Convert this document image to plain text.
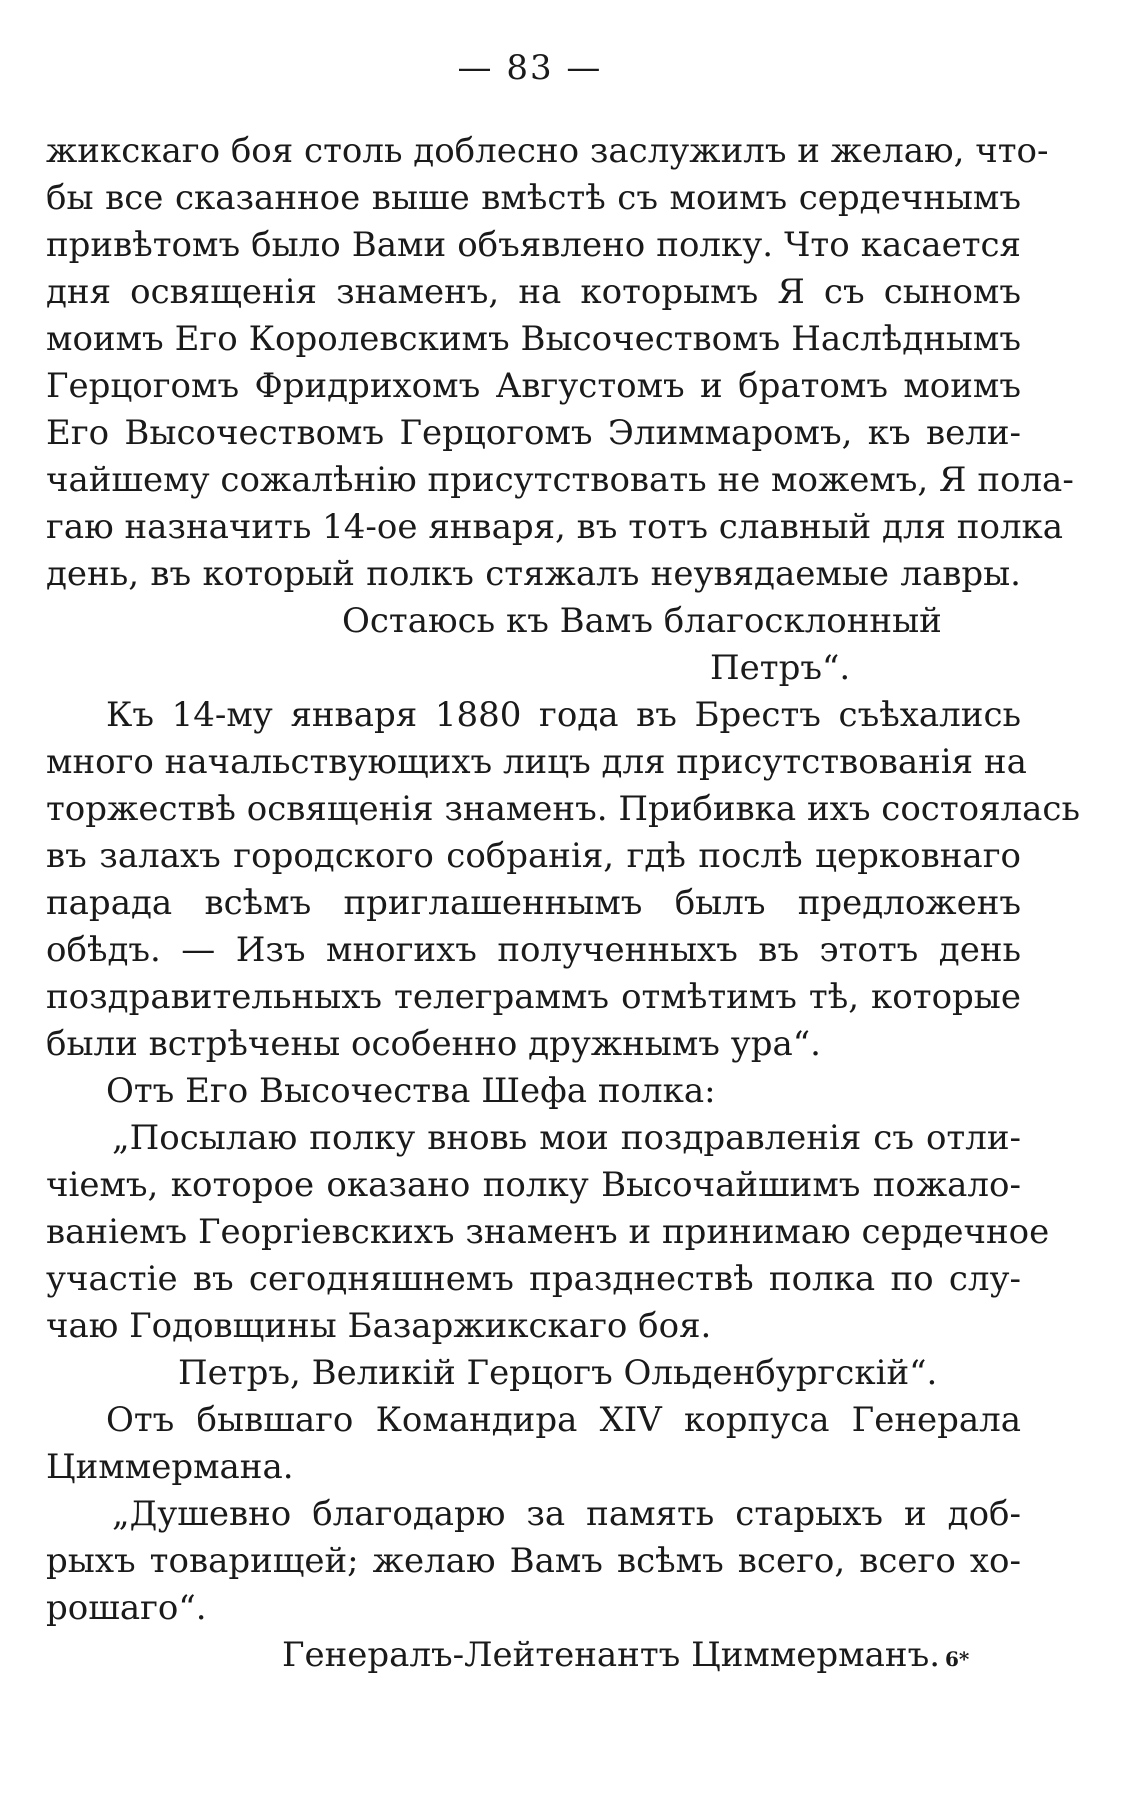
— 83 —
жикскаго боя столь доблесно заслужилъ и желаю, что-
бы все сказанное выше вмѣстѣ съ моимъ сердечнымъ
привѣтомъ было Вами объявлено полку. Что касается
дня освященія знаменъ, на которымъ Я съ сыномъ
моимъ Его Королевскимъ Высочествомъ Наслѣднымъ
Герцогомъ Фридрихомъ Августомъ и братомъ моимъ
Его Высочествомъ Герцогомъ Элиммаромъ, къ вели-
чайшему сожалѣнію присутствовать не можемъ, Я пола-
гаю назначить 14-ое января, въ тотъ славный для полка
день, въ который полкъ стяжалъ неувядаемые лавры.
Остаюсь къ Вамъ благосклонный
Петръ“.
Къ 14-му января 1880 года въ Брестъ съѣхались
много начальствующихъ лицъ для присутствованія на
торжествѣ освященія знаменъ. Прибивка ихъ состоялась
въ залахъ городского собранія, гдѣ послѣ церковнаго
парада всѣмъ приглашеннымъ былъ предложенъ
обѣдъ. — Изъ многихъ полученныхъ въ этотъ день
поздравительныхъ телеграммъ отмѣтимъ тѣ, которые
были встрѣчены особенно дружнымъ ура“.
Отъ Его Высочества Шефа полка:
„Посылаю полку вновь мои поздравленія съ отли-
чіемъ, которое оказано полку Высочайшимъ пожало-
ваніемъ Георгіевскихъ знаменъ и принимаю сердечное
участіе въ сегодняшнемъ празднествѣ полка по слу-
чаю Годовщины Базаржикскаго боя.
Петръ, Великій Герцогъ Ольденбургскій“.
Отъ бывшаго Командира XIV корпуса Генерала
Циммермана.
„Душевно благодарю за память старыхъ и доб-
рыхъ товарищей; желаю Вамъ всѣмъ всего, всего хо-
рошаго“.
Генералъ-Лейтенантъ Циммерманъ. 6*
